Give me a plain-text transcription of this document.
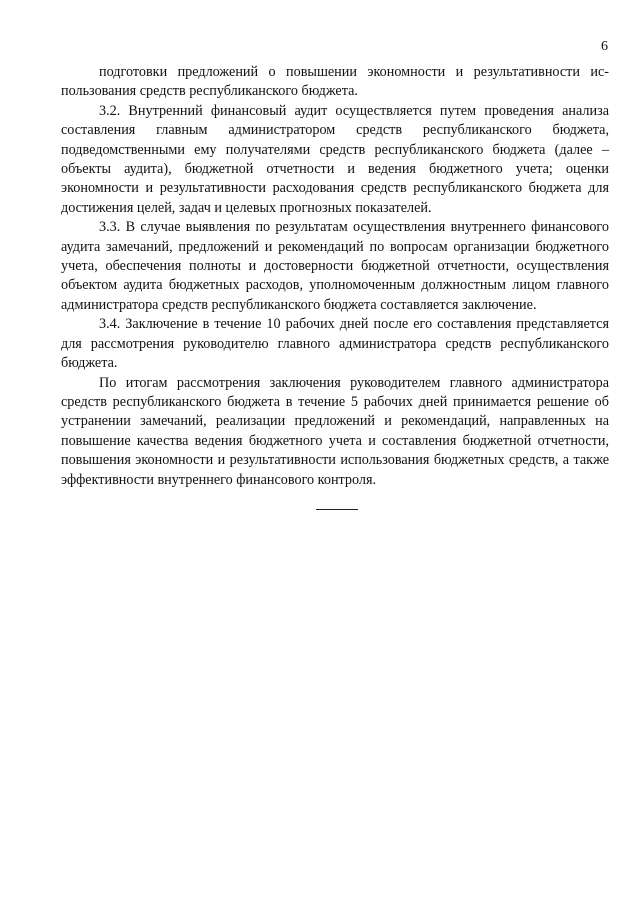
6

подготовки предложений о повышении экономности и результативности использования средств республиканского бюджета.

3.2. Внутренний финансовый аудит осуществляется путем проведения анализа составления главным администратором средств республиканского бюджета, подведомственными ему получателями средств республиканского бюджета (далее – объекты аудита), бюджетной отчетности и ведения бюджетного учета; оценки экономности и результативности расходования средств республиканского бюджета для достижения целей, задач и целевых прогнозных показателей.

3.3. В случае выявления по результатам осуществления внутреннего финансового аудита замечаний, предложений и рекомендаций по вопросам организации бюджетного учета, обеспечения полноты и достоверности бюджетной отчетности, осуществления объектом аудита бюджетных расходов, уполномоченным должностным лицом главного администратора средств республиканского бюджета составляется заключение.

3.4. Заключение в течение 10 рабочих дней после его составления представляется для рассмотрения руководителю главного администратора средств республиканского бюджета.

По итогам рассмотрения заключения руководителем главного администратора средств республиканского бюджета в течение 5 рабочих дней принимается решение об устранении замечаний, реализации предложений и рекомендаций, направленных на повышение качества ведения бюджетного учета и составления бюджетной отчетности, повышения экономности и результативности использования бюджетных средств, а также эффективности внутреннего финансового контроля.
